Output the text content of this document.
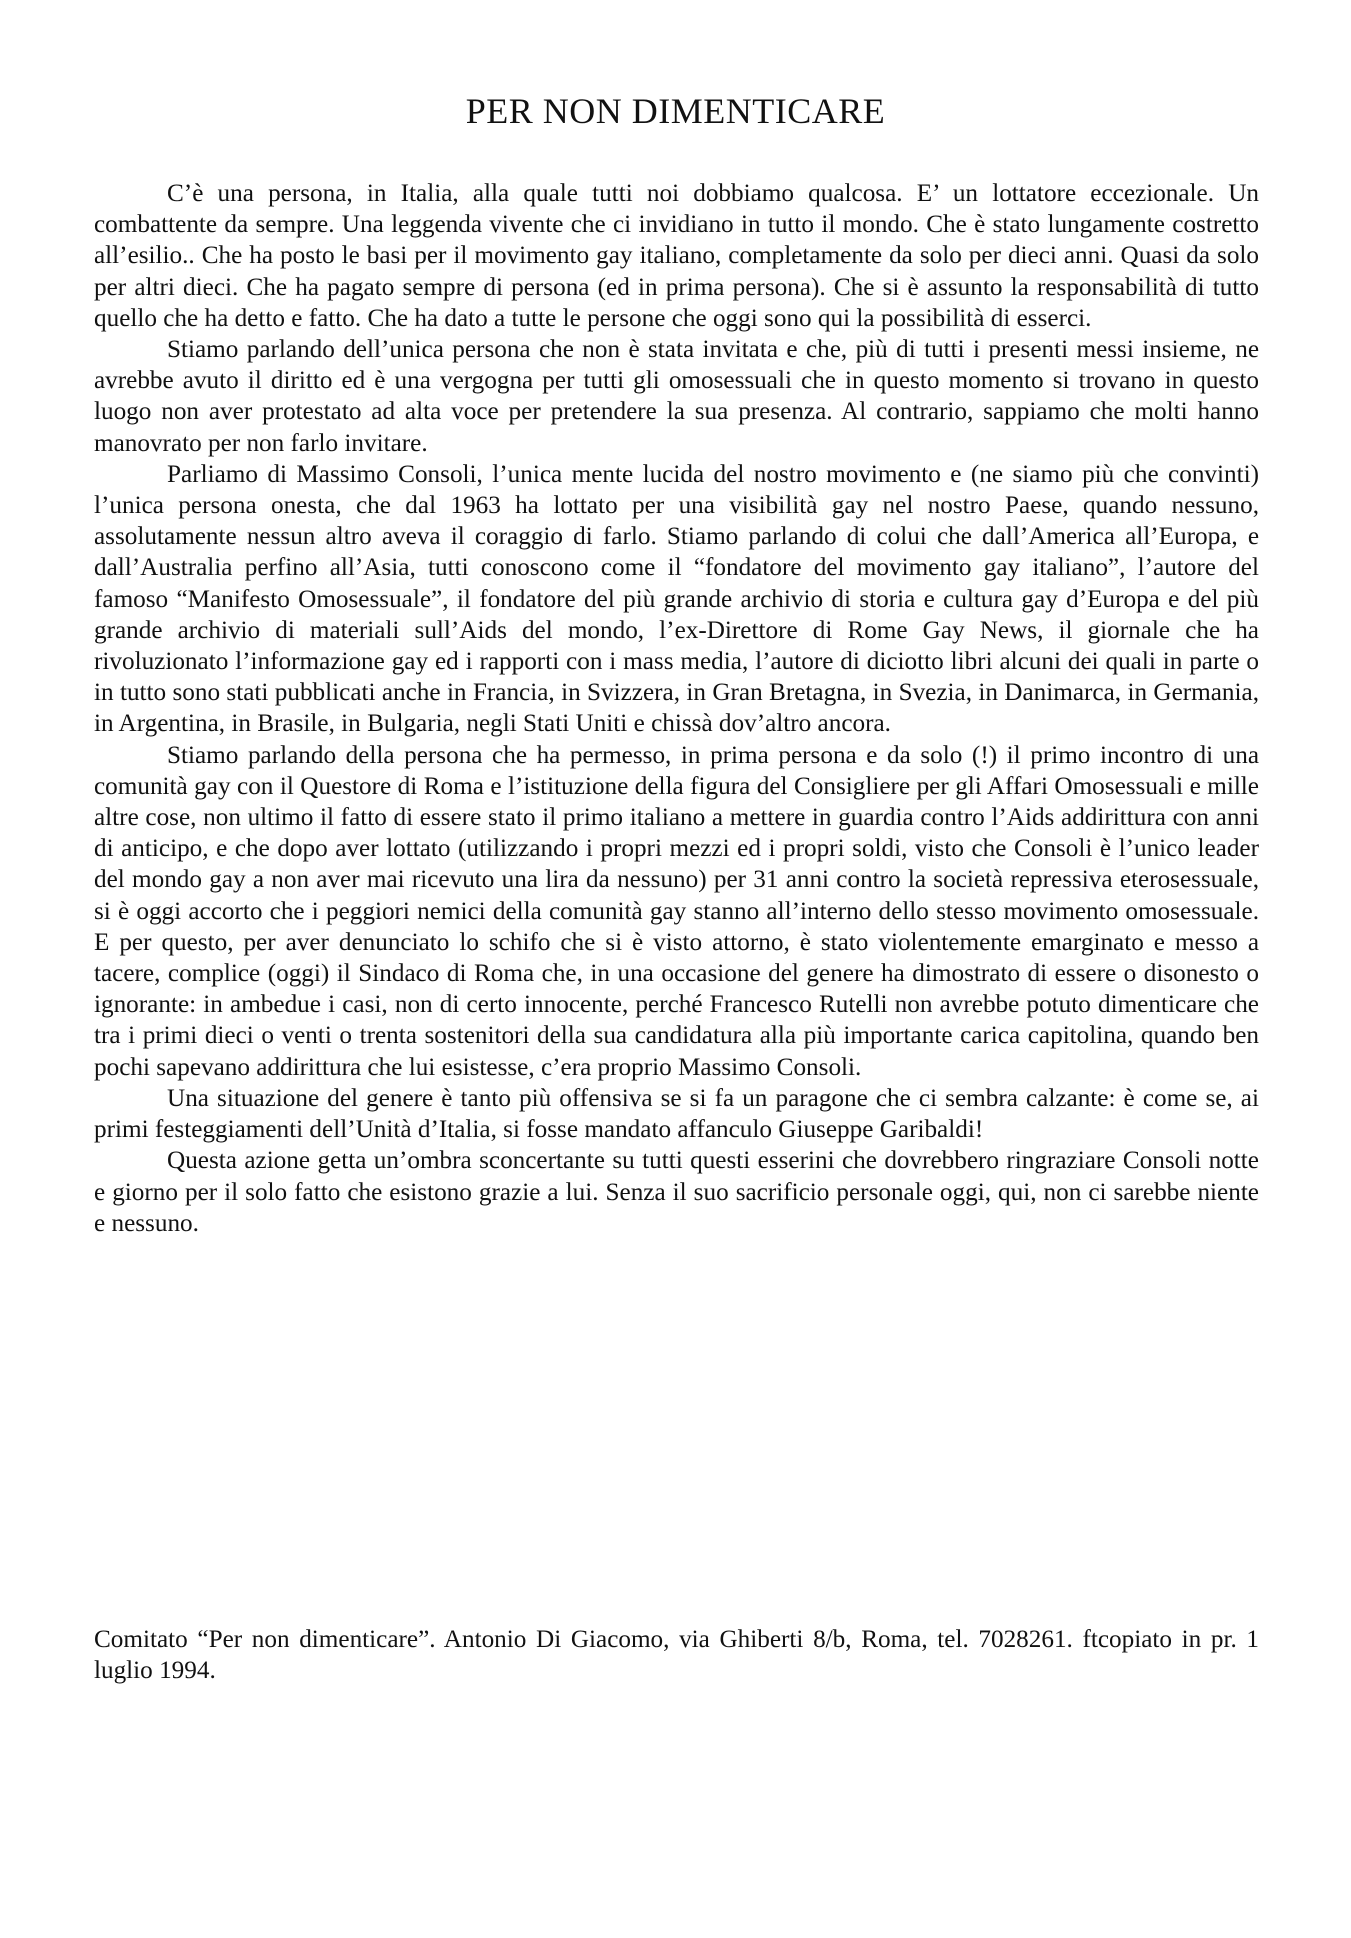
PER NON DIMENTICARE

C’è una persona, in Italia, alla quale tutti noi dobbiamo qualcosa. E’ un lottatore eccezionale. Un combattente da sempre. Una leggenda vivente che ci invidiano in tutto il mondo. Che è stato lungamente costretto all’esilio.. Che ha posto le basi per il movimento gay italiano, completamente da solo per dieci anni. Quasi da solo per altri dieci. Che ha pagato sempre di persona (ed in prima persona). Che si è assunto la responsabilità di tutto quello che ha detto e fatto. Che ha dato a tutte le persone che oggi sono qui la possibilità di esserci.

Stiamo parlando dell’unica persona che non è stata invitata e che, più di tutti i presenti messi insieme, ne avrebbe avuto il diritto ed è una vergogna per tutti gli omosessuali che in questo momento si trovano in questo luogo non aver protestato ad alta voce per pretendere la sua presenza. Al contrario, sappiamo che molti hanno manovrato per non farlo invitare.

Parliamo di Massimo Consoli, l’unica mente lucida del nostro movimento e (ne siamo più che convinti) l’unica persona onesta, che dal 1963 ha lottato per una visibilità gay nel nostro Paese, quando nessuno, assolutamente nessun altro aveva il coraggio di farlo. Stiamo parlando di colui che dall’America all’Europa, e dall’Australia perfino all’Asia, tutti conoscono come il “fondatore del movimento gay italiano”, l’autore del famoso “Manifesto Omosessuale”, il fondatore del più grande archivio di storia e cultura gay d’Europa e del più grande archivio di materiali sull’Aids del mondo, l’ex-Direttore di Rome Gay News, il giornale che ha rivoluzionato l’informazione gay ed i rapporti con i mass media, l’autore di diciotto libri alcuni dei quali in parte o in tutto sono stati pubblicati anche in Francia, in Svizzera, in Gran Bretagna, in Svezia, in Danimarca, in Germania, in Argentina, in Brasile, in Bulgaria, negli Stati Uniti e chissà dov’altro ancora.

Stiamo parlando della persona che ha permesso, in prima persona e da solo (!) il primo incontro di una comunità gay con il Questore di Roma e l’istituzione della figura del Consigliere per gli Affari Omosessuali e mille altre cose, non ultimo il fatto di essere stato il primo italiano a mettere in guardia contro l’Aids addirittura con anni di anticipo, e che dopo aver lottato (utilizzando i propri mezzi ed i propri soldi, visto che Consoli è l’unico leader del mondo gay a non aver mai ricevuto una lira da nessuno) per 31 anni contro la società repressiva eterosessuale, si è oggi accorto che i peggiori nemici della comunità gay stanno all’interno dello stesso movimento omosessuale. E per questo, per aver denunciato lo schifo che si è visto attorno, è stato violentemente emarginato e messo a tacere, complice (oggi) il Sindaco di Roma che, in una occasione del genere ha dimostrato di essere o disonesto o ignorante: in ambedue i casi, non di certo innocente, perché Francesco Rutelli non avrebbe potuto dimenticare che tra i primi dieci o venti o trenta sostenitori della sua candidatura alla più importante carica capitolina, quando ben pochi sapevano addirittura che lui esistesse, c’era proprio Massimo Consoli.

Una situazione del genere è tanto più offensiva se si fa un paragone che ci sembra calzante: è come se, ai primi festeggiamenti dell’Unità d’Italia, si fosse mandato affanculo Giuseppe Garibaldi!

Questa azione getta un’ombra sconcertante su tutti questi esserini che dovrebbero ringraziare Consoli notte e giorno per il solo fatto che esistono grazie a lui. Senza il suo sacrificio personale oggi, qui, non ci sarebbe niente e nessuno.

Comitato “Per non dimenticare”. Antonio Di Giacomo, via Ghiberti 8/b, Roma, tel. 7028261. ftcopiato in pr. 1 luglio 1994.
